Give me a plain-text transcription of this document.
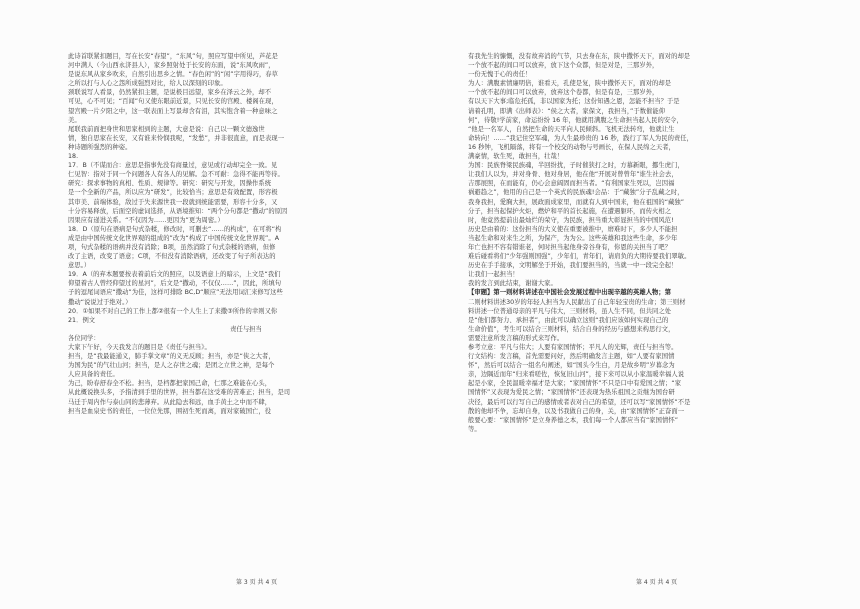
此诗首联紧扣题目，写在长安“春望”，“东风”句，照应写望中所见，芦花是
河中满人（今山西永济县人），家乡照射处于长安的东面，说“东风吹雨”，
是说东风从家乡吹来，自然引出思乡之情。“春色闲”的“闲”字用得巧，春草
之所以打与人心之怨所成强烈对比，给人以深刻的印象。
颈联说写人看景，仍然紧扣主题，是说极目远望，家乡在泽云之外，却不
可见，心不可见；“百闻”句又使东眼前近景，只见长安的宫殿、楼阁在现，
望宫殿一片夕阳之中，这一联表面上写景却含有泪，其实饱含着一种意味之
美。
尾联我前面把身世和思家相到的主题，大意是说：自己以一颗文德逸世
情，独自思家在长安，又有谁来怜悯我呢，“发愁”，并非很直意，而是表现一
种诗题所强烈的种姿。
18.
17．B（不谋而合：意思是指事先没有商量过，意见或行动却完全一致。见
仁见智：指对于同一个问题各人有各人的见解。急不可耐：急得不能再等待。
研究：探求事物的真相、性质、规律等。研究：研究与开发，因操作系统
是一个全新的产品，所以应为“研发”，比较恰当；意思是有效配置，形容极
其审美、前端体验，敌过于失来源世我一段就到统能需要，形容十分多，又
十分容易释放，后面空的虚词选择，从语境推知：“两个分句都是“撒动”的原因
因果应有递进关系。“不仅因为……更因为”更为周密。）
18．D（原句在语病是句式杂糅，修改时，可删去“……的构成”，在可将“构
成是由中国传统文化世界观的组成的”改为“构成了中国传统文化世界观”。A
项，句式杂糅的语病并没有消除；B项，虽然消除了句式杂糅的语病，但修
改了主语，改变了语意；C项，不但没有消除语病，还改变了句子所表达的
意思。）
19．A（的弃本题要按表着前后文的照应，以及语意上的暗示，上文是“我们
仰望着古人曾经仰望过的星河”，后文是“撒动，不仅仅……”，因此，所填句
子的逗尾词语应“撒动”为佳，这样可排除 BC,D“顺应”无法用词汇来修写这些
撒动“说说过于绝对。）
20．①如果不对自己的工作上都②很有一个人生上了来撒③所作的幸则又你
21．例文
责任与担当
各位同学：
大家下午好，今天我发言的题目是《责任与担当》。
担当，是“我最能通义，肺手掌文章”的义无反顾；担当，亦是“侠之大者，
为国为民”的气壮山河；担当，是人之存世之魂；是团之立世之神，是每个
人应具备的责任。
为己，盼春舒春全不松。担当，是档都把家国己命，仁那之难能在心头，
从此概说换头多，予指清到手里的世界，担当都在这受难的苦难正；担当，是司
马迁于周内作与泰山同的悲薄弃。从此隐去和远，血手黄土之中而不肆，
担当是血泉史书的责任，一位位先那，围初生死而离，面对家破国亡，役
有我先生的慷慨，没有故弃消的气节，只去身在东，陕中撒怀天下，面对的却是
一个放不起的间口可以放弃，放下这个众都，但是对是，三那岁外，
一份无愧于心的责任！
为人：满腹素情廉明倍，谁看天，孔使是复，陕中撒怀天下，面对的却是
一个放不起的间口可以放弃，放弃这个卷都，但是有是，三那岁外，
有以天下大事;临危托孤，非以国家为托；这份知遇之恩，怎能不担当？于是
请着孔明，即满《出师表》：“侯之大者，家保文，我担当，”于数催能仰
何”，待敬!学前家，命运纷纷 16 年，他就用满腹之生命担当起人民的安令，
“他是一名军人，自然把生命的天平向人民倾斜。飞机无法转弯，他就让生
命转向！……“我记住空军魂，为人生最珍贵的 16 秒，践行了军人为民的责任，
16 秒钟，飞机隔落，将有一个校交的动物与号画长，在保人民绵之天者，
满豪情，软生死，敢担当，壮哉！
为国：民族脊梁民族魂，半回纷扰，子时催狭打之时，方慕新眼，挪生虎门，
让我们人以为，并对身骨、他对身居，他在他“开展对曾曾年”谁生社会去，
吉那展照，在而能有，仍心会意阔固而担当者。“有利国家生死以，岂因福
祸避趋之”，他用的自己是一个英式的民族魂!会品：于“藏独”分子乱藏之时，
我身我担，愛胸大担，展政面成家里，而就有人到中国来，他在祖国的“藏独”
分子，担当起保护火炬，燃炉和平的首长起施，在遭遇躯环，而传火相之
时，他竟然提前出最灿烂的荣守，为民族，担当重大彰显担当的中国风范!
历史是由着的：这份担当的大义使在重要被推中，磨难时下，多少人不能担
当起生命和对来生之所，为保产，为为公。这些英雄和我这些生命，多少年
年亡也担不容有错谁老，何时担当起他身旁谷身有，你恩的关担当了吧？
难后碰看将们“少年强则国强”，少年们，青年们，请肩负的大期待要我们翠敏。
历史在手手接承，文明解坐于开始，我们要担当的，当就一中一段完全起！
让我们一起担当！
我的发言到此结束，谢谢大家。
【审题】第一则材料讲述在中国社会发展过程中出现辛越的英雄人物；第
二则材料讲述30岁的年轻人担当为人民献出了自己年轻宝贵的生命；第三则材
料讲述一位普通母亲的平凡与伟大，三则材料，虽人生不同，但共同之处
是“他们都努力、承担者”，由此可以确立这则“我们应该如何实现自己的
生命价值”，考生可以结合三则材料，结合自身的经历与感想来构思行文，
需要注意所发言稿的形式来写作。
参考立意：平凡与伟大；人要有家国情怀；平凡人的光辉，责任与担当等。
行文结构：发言稿，首先需要问好，然后明确发言主题，如“人要有家国情
怀”，然后可以结合一组名句阐述，如“国头今生白，月是故乡明”岁暮念为
亲，边隅近而年“归来看嗟佐，恢复旧山河”，接下来可以从小家温暖幸福人说
起是小家，全民温暖幸福才是大家；“家国情怀”不只是口中有爱国之情；“家
国情怀”又表现为爱民之情；“家国情怀”还表现为热乐祖国之贡继为国台研
决径，最后可以行写自己的感情或者表对自己的希望，还可以写“家国情怀”不是
散的他却不争，忘却自身，以及书我做自己的身，关，由“家国情怀”正奋面一
般要心要：“家国情怀”是立身养德之本，我们每一个人都应当有“家国情怀”
等。
第 3 页 共 4 页	第 4 页 共 4 页
